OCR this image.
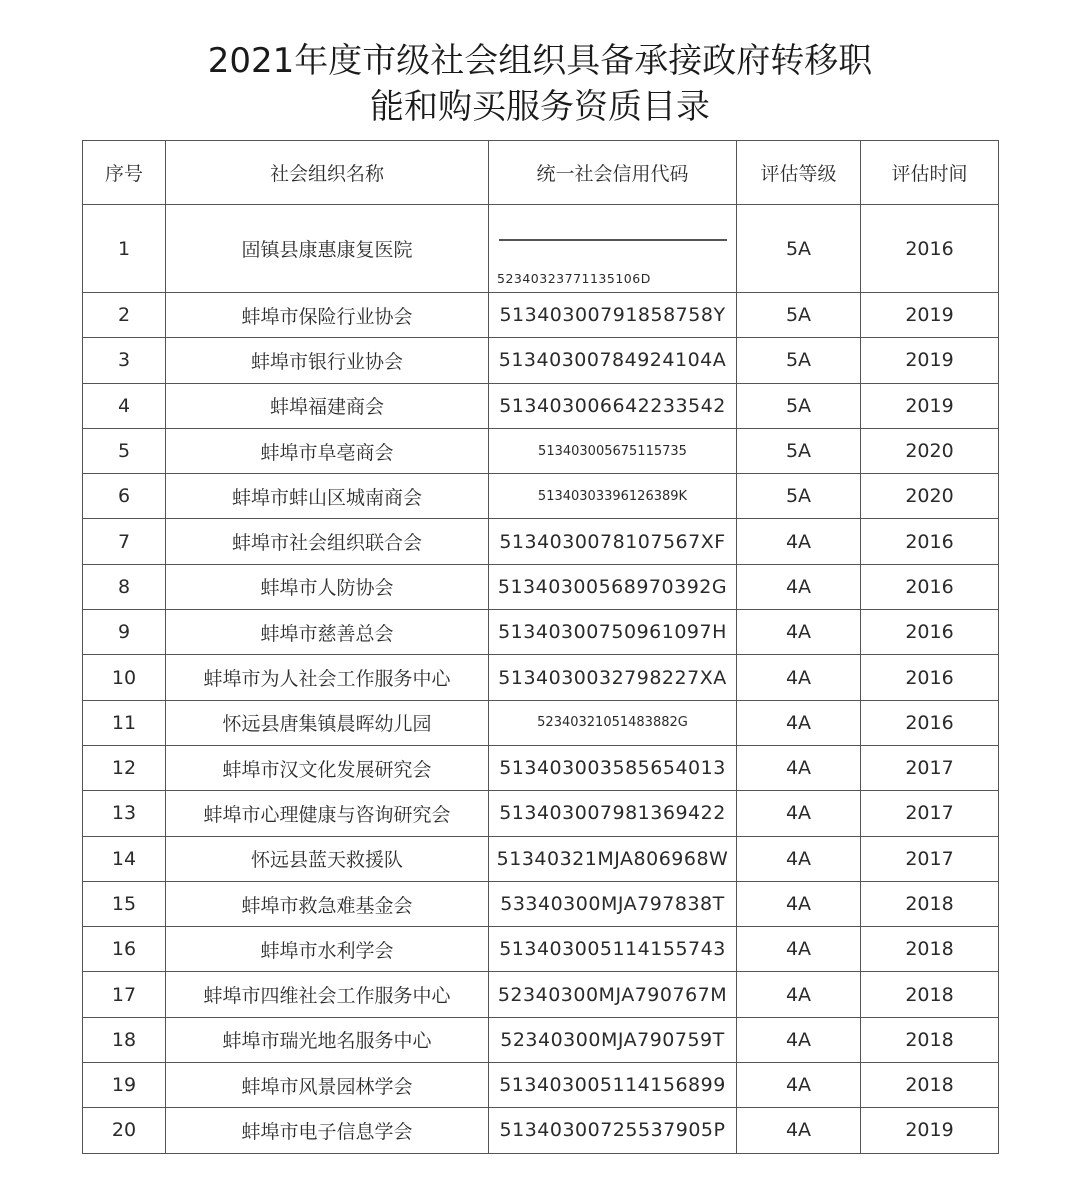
2021年度市级社会组织具备承接政府转移职
能和购买服务资质目录
序号	社会组织名称	统一社会信用代码	评估等级	评估时间
1	固镇县康惠康复医院	52340323771135106D	5A	2016
2	蚌埠市保险行业协会	51340300791858758Y	5A	2019
3	蚌埠市银行业协会	51340300784924104A	5A	2019
4	蚌埠福建商会	513403006642233542	5A	2019
5	蚌埠市阜亳商会	513403005675115735	5A	2020
6	蚌埠市蚌山区城南商会	51340303396126389K	5A	2020
7	蚌埠市社会组织联合会	5134030078107567XF	4A	2016
8	蚌埠市人防协会	51340300568970392G	4A	2016
9	蚌埠市慈善总会	51340300750961097H	4A	2016
10	蚌埠市为人社会工作服务中心	5134030032798227XA	4A	2016
11	怀远县唐集镇晨晖幼儿园	52340321051483882G	4A	2016
12	蚌埠市汉文化发展研究会	513403003585654013	4A	2017
13	蚌埠市心理健康与咨询研究会	513403007981369422	4A	2017
14	怀远县蓝天救援队	51340321MJA806968W	4A	2017
15	蚌埠市救急难基金会	53340300MJA797838T	4A	2018
16	蚌埠市水利学会	513403005114155743	4A	2018
17	蚌埠市四维社会工作服务中心	52340300MJA790767M	4A	2018
18	蚌埠市瑞光地名服务中心	52340300MJA790759T	4A	2018
19	蚌埠市风景园林学会	513403005114156899	4A	2018
20	蚌埠市电子信息学会	51340300725537905P	4A	2019
